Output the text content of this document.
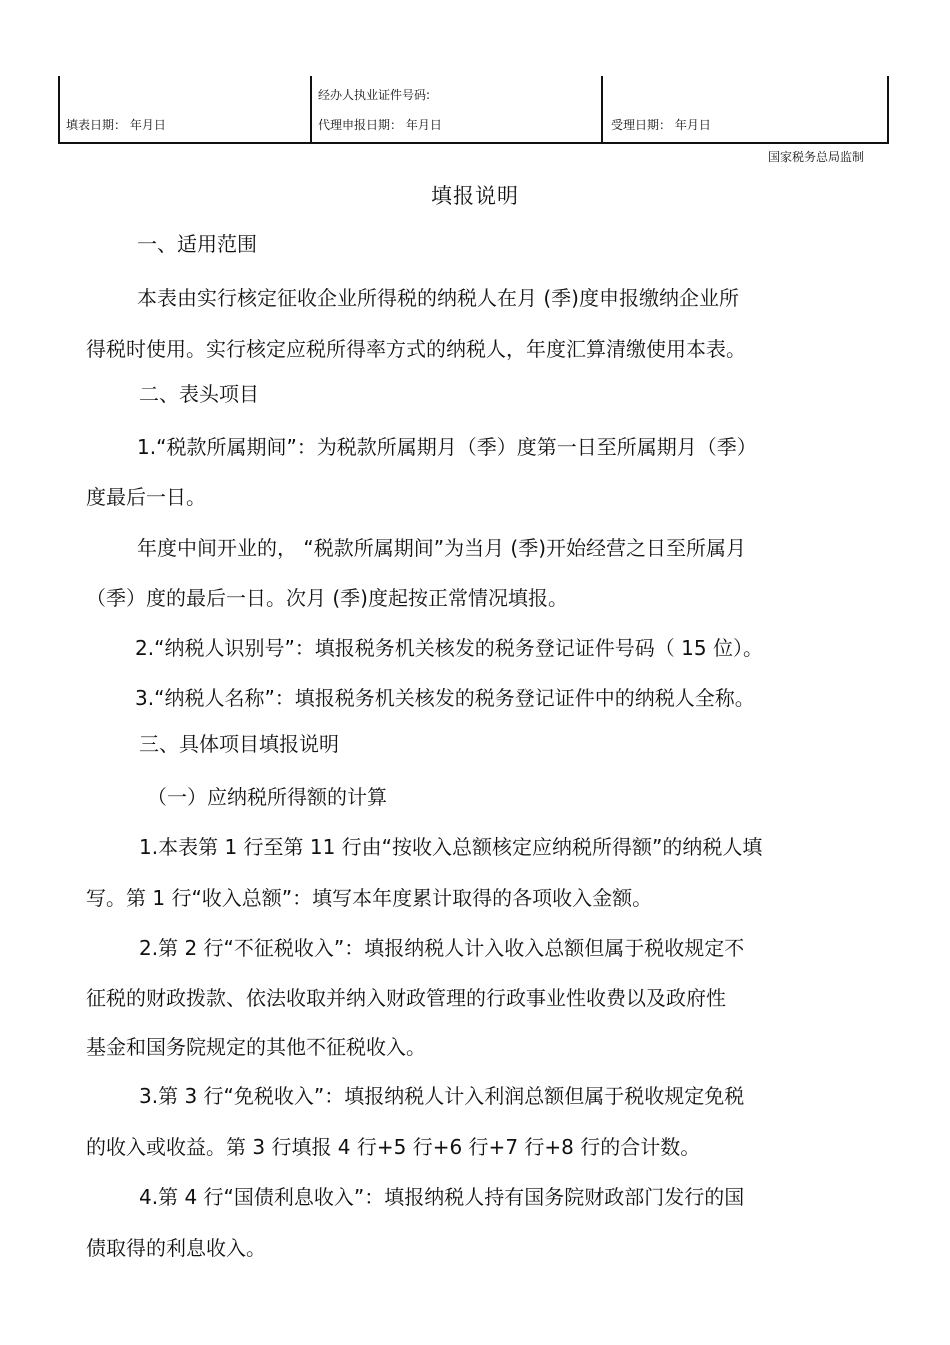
填表日期： 年月日
经办人执业证件号码:
代理申报日期： 年月日	受理日期： 年月日
国家税务总局监制
填报说明
一、适用范围
本表由实行核定征收企业所得税的纳税人在月 (季)度申报缴纳企业所
得税时使用。实行核定应税所得率方式的纳税人，年度汇算清缴使用本表。
二、表头项目
1.“税款所属期间”：为税款所属期月（季）度第一日至所属期月（季）
度最后一日。
年度中间开业的， “税款所属期间”为当月 (季)开始经营之日至所属月
（季）度的最后一日。次月 (季)度起按正常情况填报。
2.“纳税人识别号”：填报税务机关核发的税务登记证件号码（ 15 位）。
3.“纳税人名称”：填报税务机关核发的税务登记证件中的纳税人全称。
三、具体项目填报说明
（一）应纳税所得额的计算
1.本表第 1 行至第 11 行由“按收入总额核定应纳税所得额”的纳税人填
写。第 1 行“收入总额”：填写本年度累计取得的各项收入金额。
2.第 2 行“不征税收入”：填报纳税人计入收入总额但属于税收规定不
征税的财政拨款、依法收取并纳入财政管理的行政事业性收费以及政府性
基金和国务院规定的其他不征税收入。
3.第 3 行“免税收入”：填报纳税人计入利润总额但属于税收规定免税
的收入或收益。第 3 行填报 4 行+5 行+6 行+7 行+8 行的合计数。
4.第 4 行“国债利息收入”：填报纳税人持有国务院财政部门发行的国
债取得的利息收入。
